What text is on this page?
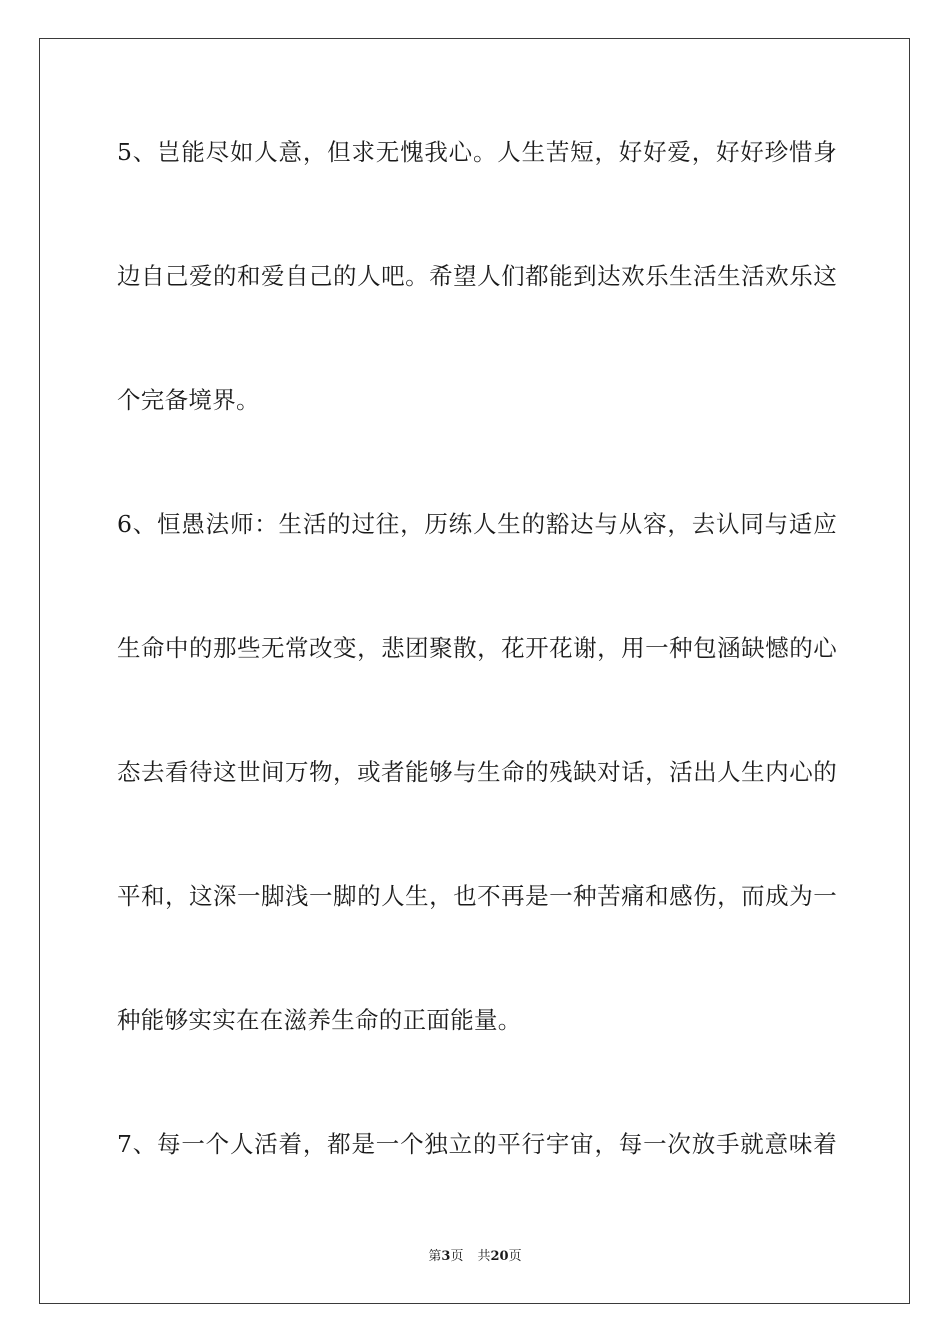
5、岂能尽如人意，但求无愧我心。人生苦短，好好爱，好好珍惜身
边自己爱的和爱自己的人吧。希望人们都能到达欢乐生活生活欢乐这
个完备境界。
6、恒愚法师：生活的过往，历练人生的豁达与从容，去认同与适应
生命中的那些无常改变，悲团聚散，花开花谢，用一种包涵缺憾的心
态去看待这世间万物，或者能够与生命的残缺对话，活出人生内心的
平和，这深一脚浅一脚的人生，也不再是一种苦痛和感伤，而成为一
种能够实实在在滋养生命的正面能量。
7、每一个人活着，都是一个独立的平行宇宙，每一次放手就意味着
第3页 共20页
